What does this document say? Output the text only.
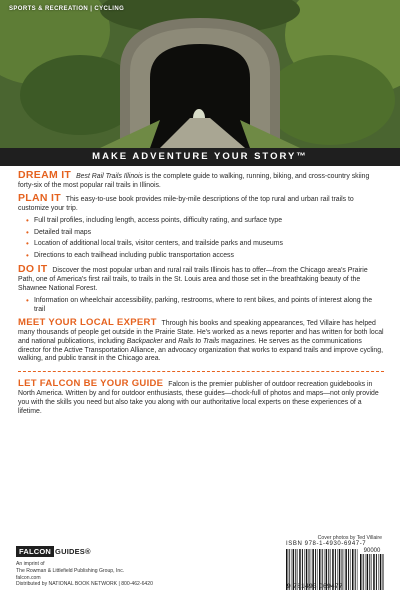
SPORTS & RECREATION | CYCLING
MAKE ADVENTURE YOUR STORY™

DREAM IT Best Rail Trails Illinois is the complete guide to walking, running, biking, and cross-country skiing forty-six of the most popular rail trails in Illinois.

PLAN IT This easy-to-use book provides mile-by-mile descriptions of the top rural and urban rail trails to customize your trip.

• Full trail profiles, including length, access points, difficulty rating, and surface type
• Detailed trail maps
• Location of additional local trails, visitor centers, and trailside parks and museums
• Directions to each trailhead including public transportation access

DO IT Discover the most popular urban and rural rail trails Illinois has to offer—from the Chicago area's Prairie Path, one of America's first rail trails, to trails in the St. Louis area and those set in the breathtaking beauty of the Shawnee National Forest.

• Information on wheelchair accessibility, parking, restrooms, where to rent bikes, and points of interest along the trail

MEET YOUR LOCAL EXPERT Through his books and speaking appearances, Ted Villaire has helped many thousands of people get outside in the Prairie State. He's worked as a news reporter and has written for both local and national publications, including Backpacker and Rails to Trails magazines. He serves as the communications director for the Active Transportation Alliance, an advocacy organization that works to expand trails and improve cycling, walking, and public transit in the Chicago area.

LET FALCON BE YOUR GUIDE Falcon is the premier publisher of outdoor recreation guidebooks in North America. Written by and for outdoor enthusiasts, these guides—chock-full of photos and maps—not only provide you with the skills you need but also take you along with our authoritative local experts on these experiences of a lifetime.

Cover photos by Ted Villaire
FALCON GUIDES®
An imprint of
The Rowman & Littlefield Publishing Group, Inc.
falcon.com
Distributed by NATIONAL BOOK NETWORK | 800-462-6420
ISBN 978-1-4930-6947-7
90000
9 781493 069477
